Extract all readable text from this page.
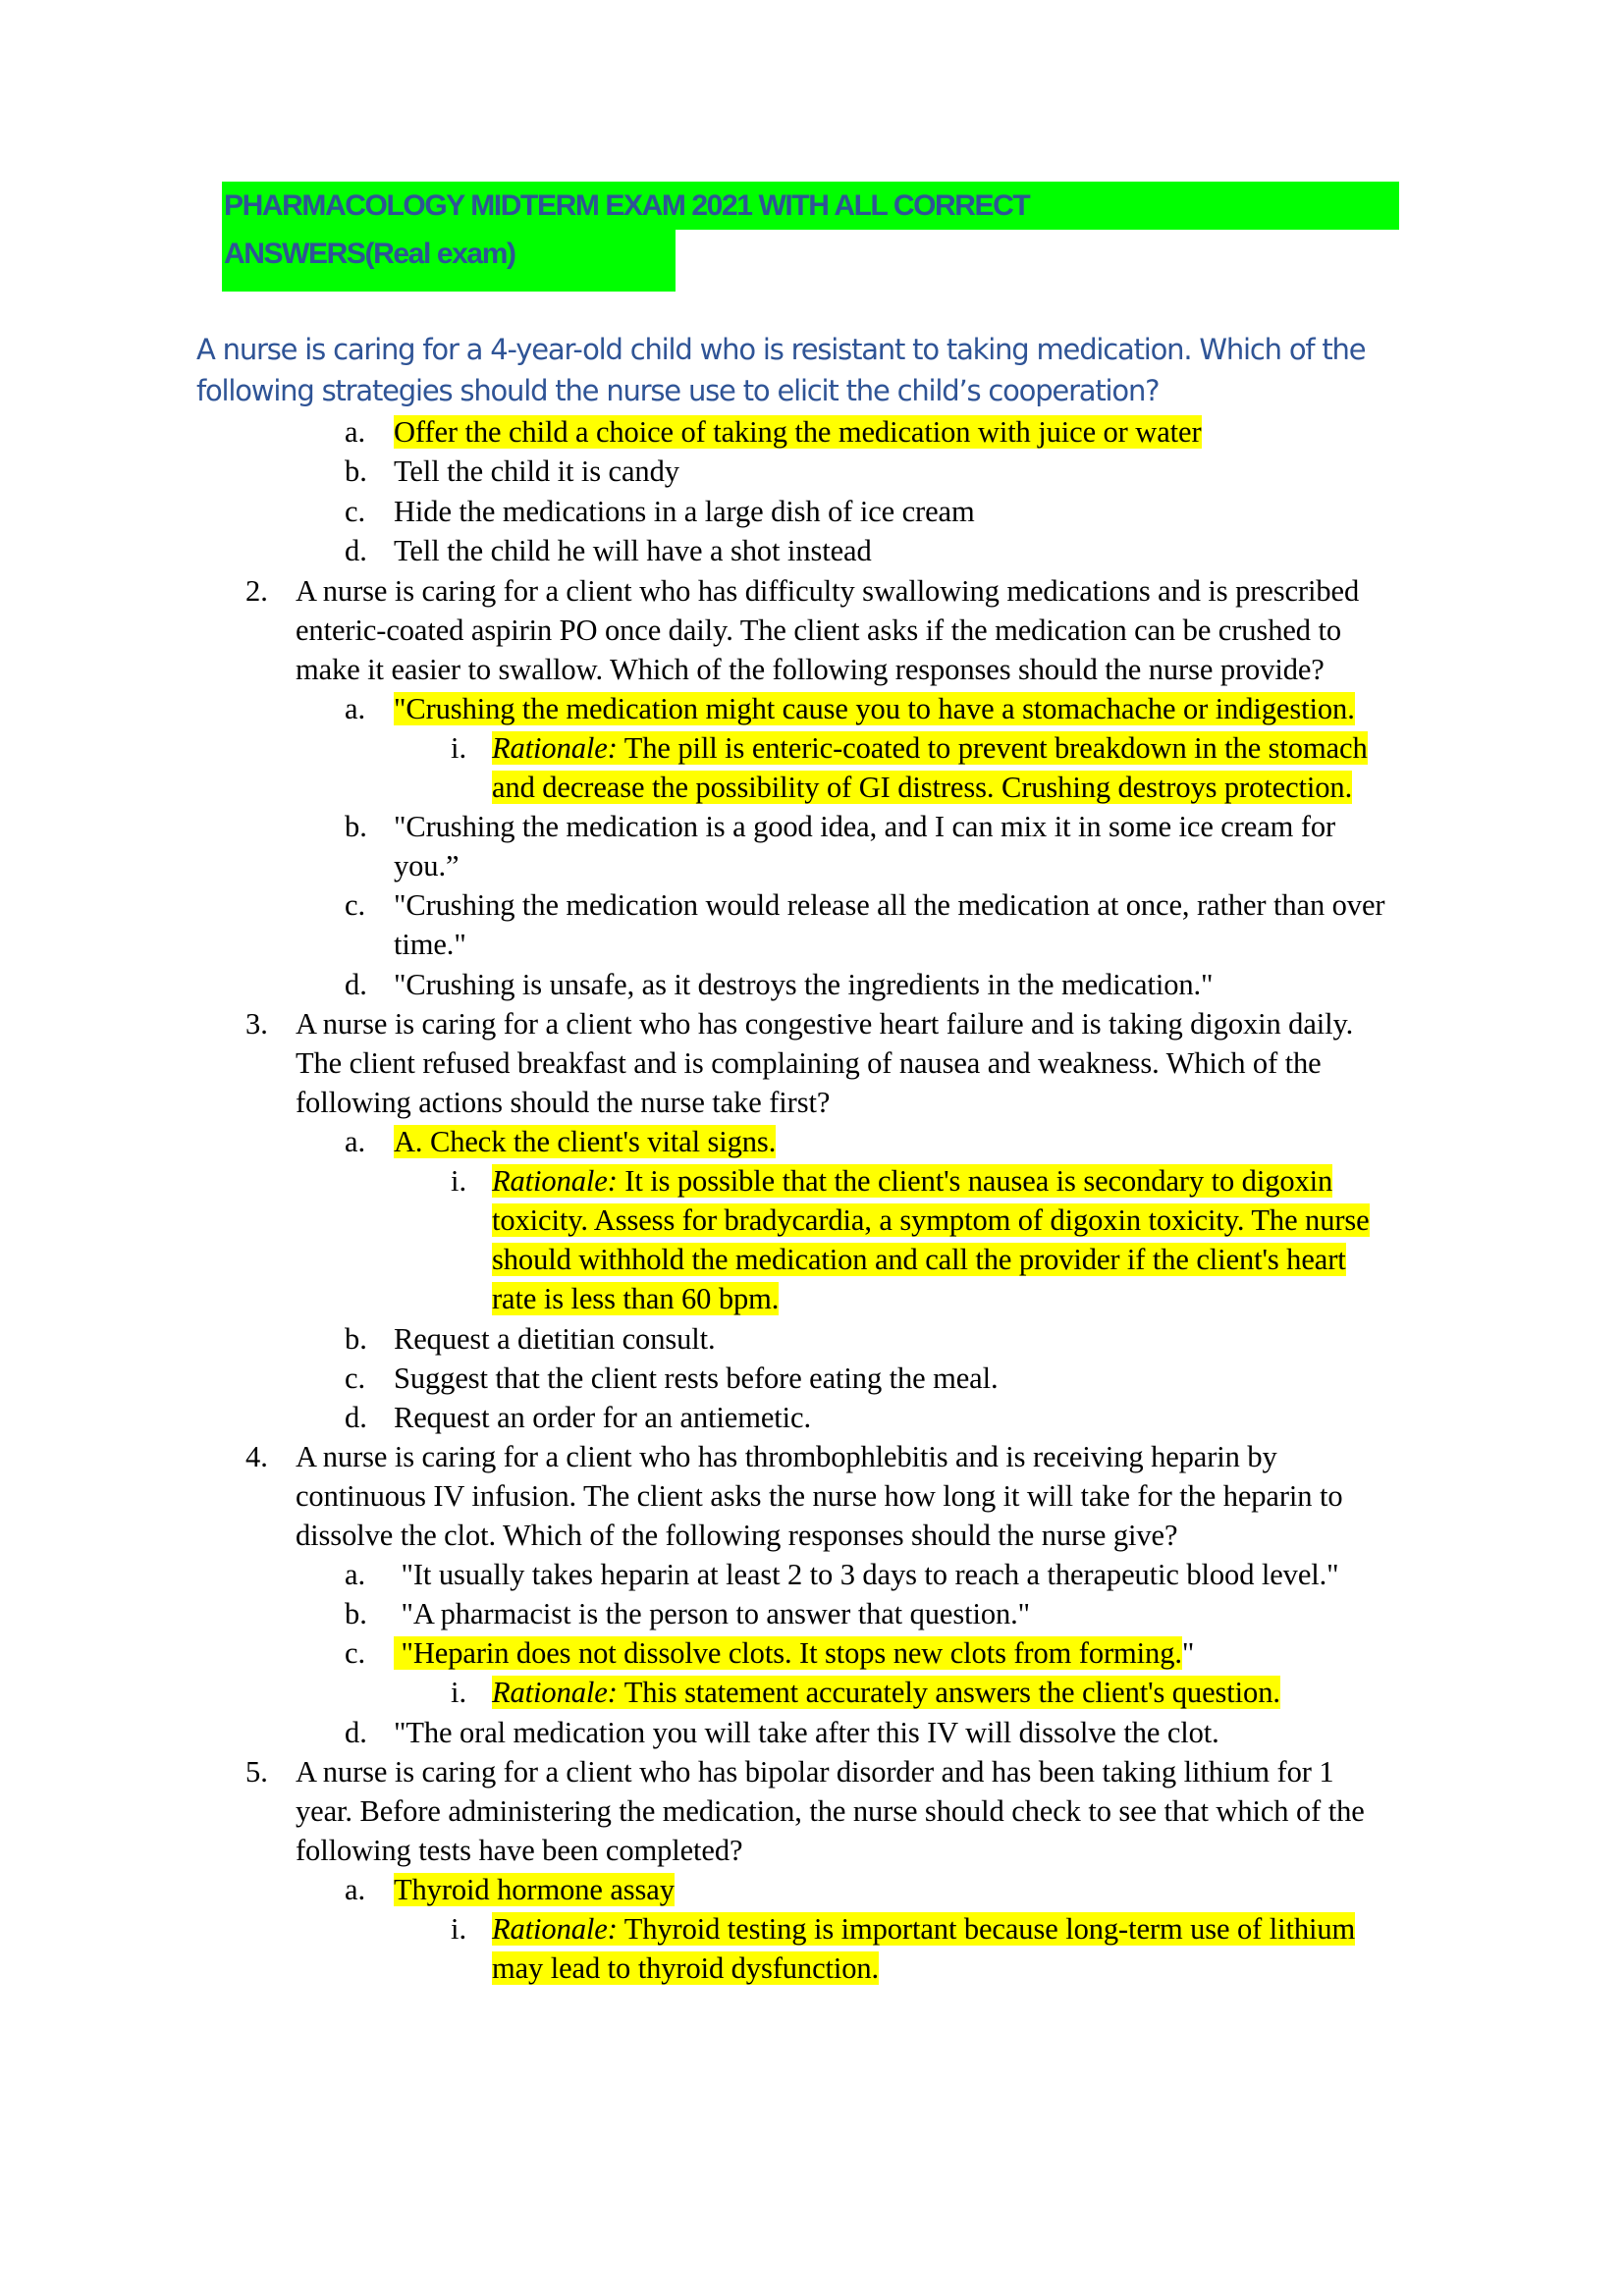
PHARMACOLOGY MIDTERM EXAM 2021 WITH ALL CORRECT
ANSWERS(Real exam)
A nurse is caring for a 4-year-old child who is resistant to taking medication. Which of the
following strategies should the nurse use to elicit the child’s cooperation?
a. Offer the child a choice of taking the medication with juice or water
b. Tell the child it is candy
c. Hide the medications in a large dish of ice cream
d. Tell the child he will have a shot instead
2. A nurse is caring for a client who has difficulty swallowing medications and is prescribed
enteric-coated aspirin PO once daily. The client asks if the medication can be crushed to
make it easier to swallow. Which of the following responses should the nurse provide?
a. "Crushing the medication might cause you to have a stomachache or indigestion.
i. Rationale: The pill is enteric-coated to prevent breakdown in the stomach
and decrease the possibility of GI distress. Crushing destroys protection.
b. "Crushing the medication is a good idea, and I can mix it in some ice cream for
you.”
c. "Crushing the medication would release all the medication at once, rather than over
time."
d. "Crushing is unsafe, as it destroys the ingredients in the medication."
3. A nurse is caring for a client who has congestive heart failure and is taking digoxin daily.
The client refused breakfast and is complaining of nausea and weakness. Which of the
following actions should the nurse take first?
a. A. Check the client's vital signs.
i. Rationale: It is possible that the client's nausea is secondary to digoxin
toxicity. Assess for bradycardia, a symptom of digoxin toxicity. The nurse
should withhold the medication and call the provider if the client's heart
rate is less than 60 bpm.
b. Request a dietitian consult.
c. Suggest that the client rests before eating the meal.
d. Request an order for an antiemetic.
4. A nurse is caring for a client who has thrombophlebitis and is receiving heparin by
continuous IV infusion. The client asks the nurse how long it will take for the heparin to
dissolve the clot. Which of the following responses should the nurse give?
a. "It usually takes heparin at least 2 to 3 days to reach a therapeutic blood level."
b. "A pharmacist is the person to answer that question."
c. "Heparin does not dissolve clots. It stops new clots from forming."
i. Rationale: This statement accurately answers the client's question.
d. "The oral medication you will take after this IV will dissolve the clot.
5. A nurse is caring for a client who has bipolar disorder and has been taking lithium for 1
year. Before administering the medication, the nurse should check to see that which of the
following tests have been completed?
a. Thyroid hormone assay
i. Rationale: Thyroid testing is important because long-term use of lithium
may lead to thyroid dysfunction.
